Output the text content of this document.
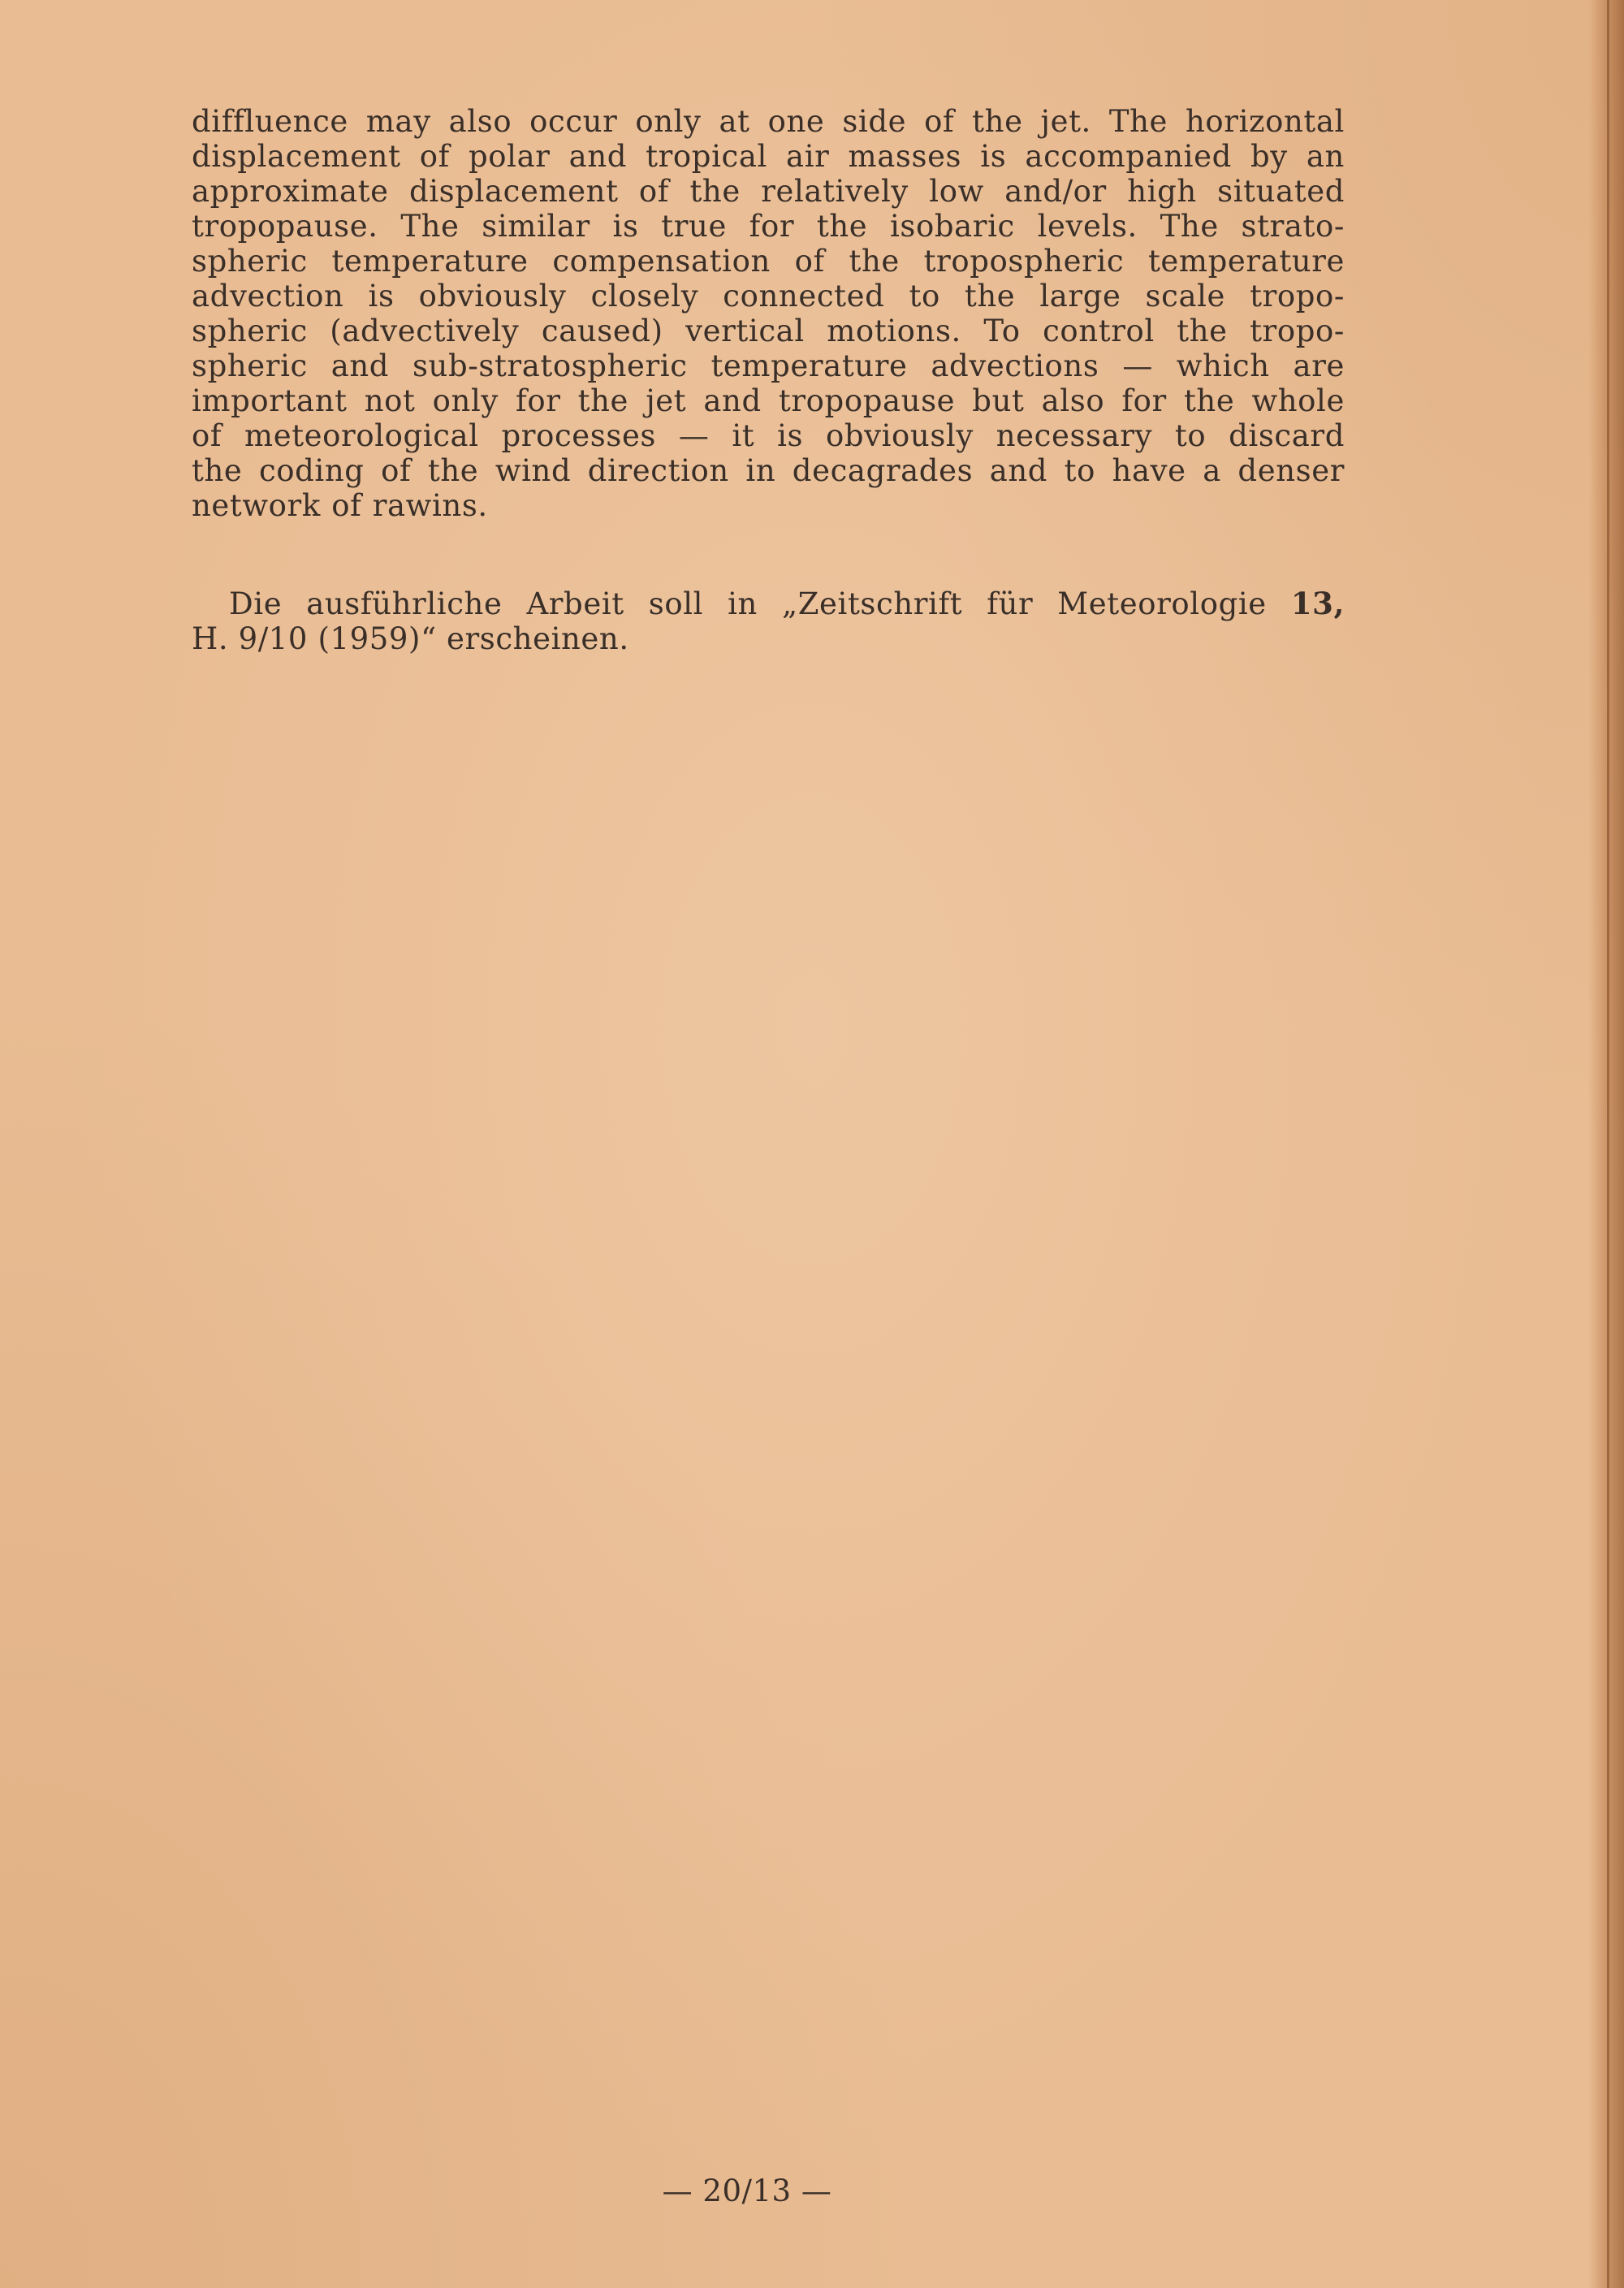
diffluence may also occur only at one side of the jet. The horizontal
displacement of polar and tropical air masses is accompanied by an
approximate displacement of the relatively low and/or high situated
tropopause. The similar is true for the isobaric levels. The strato-
spheric temperature compensation of the tropospheric temperature
advection is obviously closely connected to the large scale tropo-
spheric (advectively caused) vertical motions. To control the tropo-
spheric and sub-stratospheric temperature advections — which are
important not only for the jet and tropopause but also for the whole
of meteorological processes — it is obviously necessary to discard
the coding of the wind direction in decagrades and to have a denser
network of rawins.

Die ausführliche Arbeit soll in „Zeitschrift für Meteorologie 13,
H. 9/10 (1959)“ erscheinen.

— 20/13 —
